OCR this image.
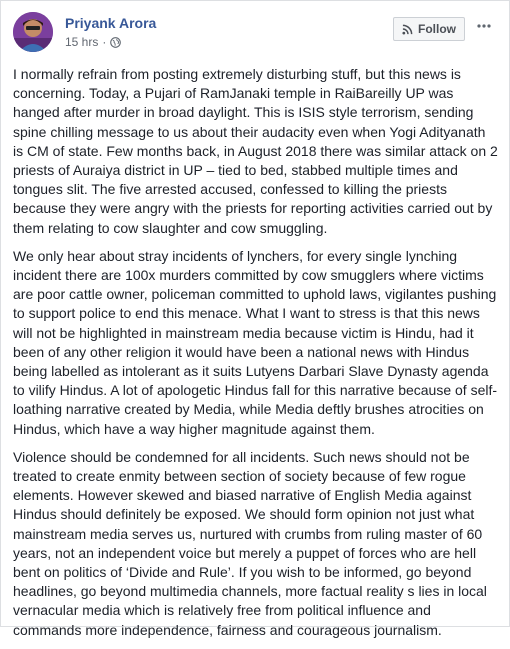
Priyank Arora
15 hrs ·
Follow

I normally refrain from posting extremely disturbing stuff, but this news is concerning. Today, a Pujari of RamJanaki temple in RaiBareilly UP was hanged after murder in broad daylight. This is ISIS style terrorism, sending spine chilling message to us about their audacity even when Yogi Adityanath is CM of state. Few months back, in August 2018 there was similar attack on 2 priests of Auraiya district in UP – tied to bed, stabbed multiple times and tongues slit. The five arrested accused, confessed to killing the priests because they were angry with the priests for reporting activities carried out by them relating to cow slaughter and cow smuggling.

We only hear about stray incidents of lynchers, for every single lynching incident there are 100x murders committed by cow smugglers where victims are poor cattle owner, policeman committed to uphold laws, vigilantes pushing to support police to end this menace. What I want to stress is that this news will not be highlighted in mainstream media because victim is Hindu, had it been of any other religion it would have been a national news with Hindus being labelled as intolerant as it suits Lutyens Darbari Slave Dynasty agenda to vilify Hindus. A lot of apologetic Hindus fall for this narrative because of self-loathing narrative created by Media, while Media deftly brushes atrocities on Hindus, which have a way higher magnitude against them.

Violence should be condemned for all incidents. Such news should not be treated to create enmity between section of society because of few rogue elements. However skewed and biased narrative of English Media against Hindus should definitely be exposed. We should form opinion not just what mainstream media serves us, nurtured with crumbs from ruling master of 60 years, not an independent voice but merely a puppet of forces who are hell bent on politics of ‘Divide and Rule’. If you wish to be informed, go beyond headlines, go beyond multimedia channels, more factual reality s lies in local vernacular media which is relatively free from political influence and commands more independence, fairness and courageous journalism.
